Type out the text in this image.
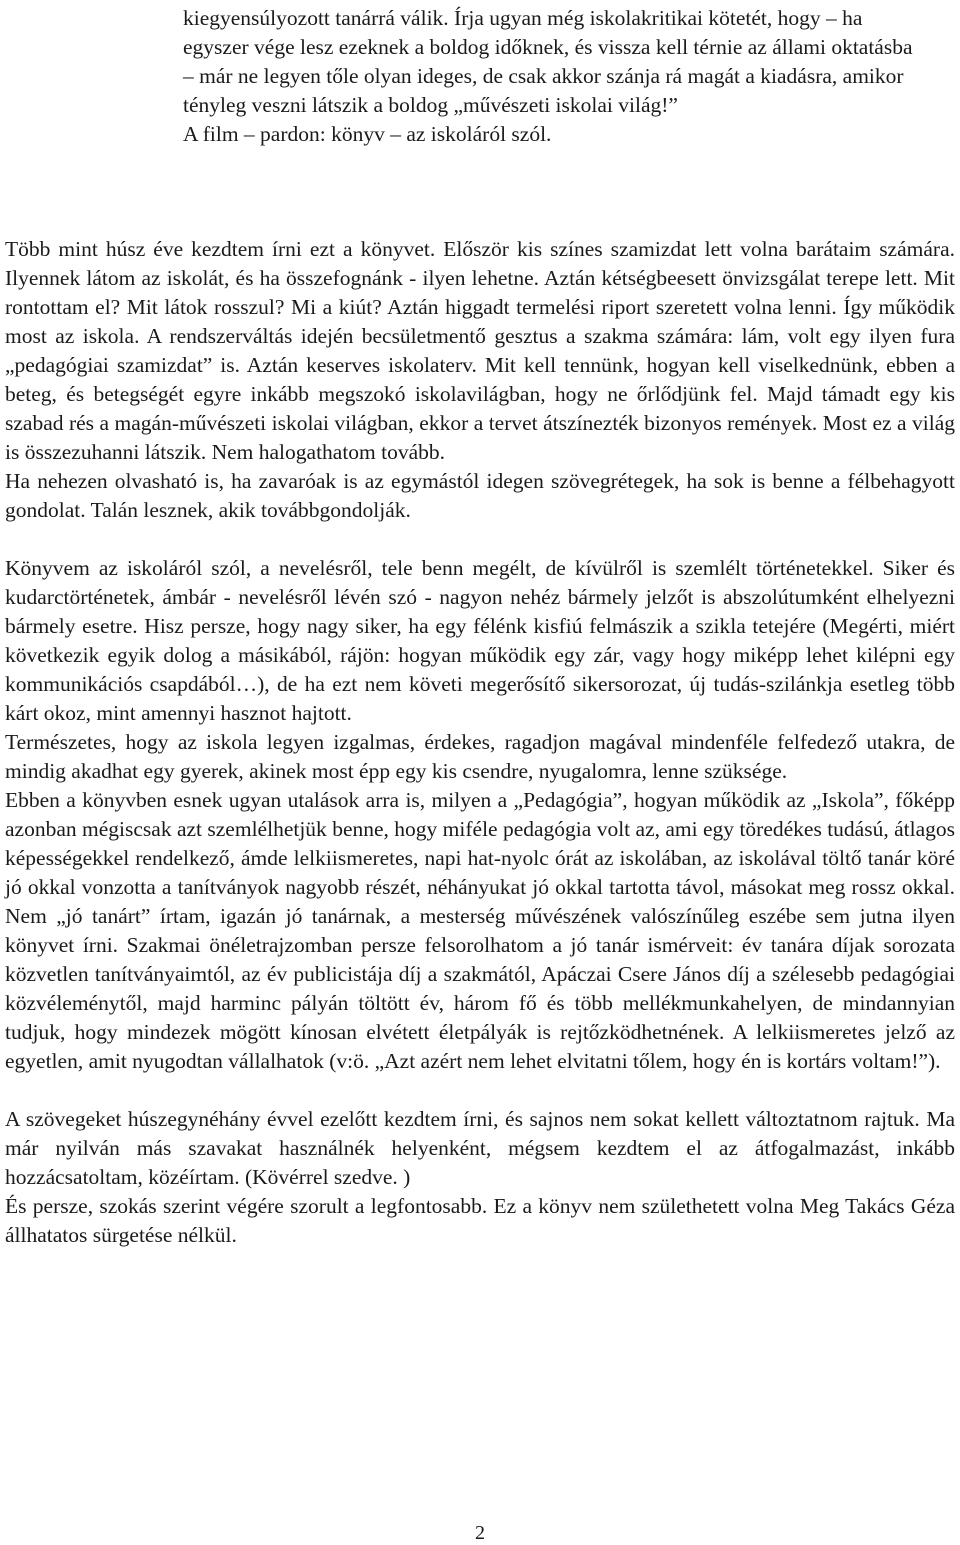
kiegyensúlyozott tanárrá válik. Írja ugyan még iskolakritikai kötetét, hogy – ha egyszer vége lesz ezeknek a boldog időknek, és vissza kell térnie az állami oktatásba – már ne legyen tőle olyan ideges, de csak akkor szánja rá magát a kiadásra, amikor tényleg veszni látszik a boldog „művészeti iskolai világ!”

A film – pardon: könyv – az iskoláról szól.

Több mint húsz éve kezdtem írni ezt a könyvet. Először kis színes szamizdat lett volna barátaim számára. Ilyennek látom az iskolát, és ha összefognánk - ilyen lehetne. Aztán kétségbeesett önvizsgálat terepe lett. Mit rontottam el? Mit látok rosszul? Mi a kiút? Aztán higgadt termelési riport szeretett volna lenni. Így működik most az iskola. A rendszerváltás idején becsületmentő gesztus a szakma számára: lám, volt egy ilyen fura „pedagógiai szamizdat” is. Aztán keserves iskolaterv. Mit kell tennünk, hogyan kell viselkednünk, ebben a beteg, és betegségét egyre inkább megszokó iskolavilágban, hogy ne őrlődjünk fel. Majd támadt egy kis szabad rés a magán-művészeti iskolai világban, ekkor a tervet átszínezték bizonyos remények. Most ez a világ is összezuhanni látszik. Nem halogathatom tovább.

Ha nehezen olvasható is, ha zavaróak is az egymástól idegen szövegrétegek, ha sok is benne a félbehagyott gondolat. Talán lesznek, akik továbbgondolják.

Könyvem az iskoláról szól, a nevelésről, tele benn megélt, de kívülről is szemlélt történetekkel. Siker és kudarctörténetek, ámbár - nevelésről lévén szó - nagyon nehéz bármely jelzőt is abszolútumként elhelyezni bármely esetre. Hisz persze, hogy nagy siker, ha egy félénk kisfiú felmászik a szikla tetejére (Megérti, miért következik egyik dolog a másikából, rájön: hogyan működik egy zár, vagy hogy miképp lehet kilépni egy kommunikációs csapdából…), de ha ezt nem követi megerősítő sikersorozat, új tudás-szilánkja esetleg több kárt okoz, mint amennyi hasznot hajtott.

Természetes, hogy az iskola legyen izgalmas, érdekes, ragadjon magával mindenféle felfedező utakra, de mindig akadhat egy gyerek, akinek most épp egy kis csendre, nyugalomra, lenne szüksége.

Ebben a könyvben esnek ugyan utalások arra is, milyen a „Pedagógia”, hogyan működik az „Iskola”, főképp azonban mégiscsak azt szemlélhetjük benne, hogy miféle pedagógia volt az, ami egy töredékes tudású, átlagos képességekkel rendelkező, ámde lelkiismeretes, napi hat-nyolc órát az iskolában, az iskolával töltő tanár köré jó okkal vonzotta a tanítványok nagyobb részét, néhányukat jó okkal tartotta távol, másokat meg rossz okkal. Nem „jó tanárt” írtam, igazán jó tanárnak, a mesterség művészének valószínűleg eszébe sem jutna ilyen könyvet írni. Szakmai önéletrajzomban persze felsorolhatom a jó tanár ismérveit: év tanára díjak sorozata közvetlen tanítványaimtól, az év publicistája díj a szakmától, Apáczai Csere János díj a szélesebb pedagógiai közvéleménytől, majd harminc pályán töltött év, három fő és több mellékmunkahelyen, de mindannyian tudjuk, hogy mindezek mögött kínosan elvétett életpályák is rejtőzködhetnének. A lelkiismeretes jelző az egyetlen, amit nyugodtan vállalhatok (v:ö. „Azt azért nem lehet elvitatni tőlem, hogy én is kortárs voltam!”).

A szövegeket húszegynéhány évvel ezelőtt kezdtem írni, és sajnos nem sokat kellett változtatnom rajtuk. Ma már nyilván más szavakat használnék helyenként, mégsem kezdtem el az átfogalmazást, inkább hozzácsatoltam, közéírtam. (Kövérrel szedve. )

És persze, szokás szerint végére szorult a legfontosabb. Ez a könyv nem születhetett volna Meg Takács Géza állhatatos sürgetése nélkül.

2
